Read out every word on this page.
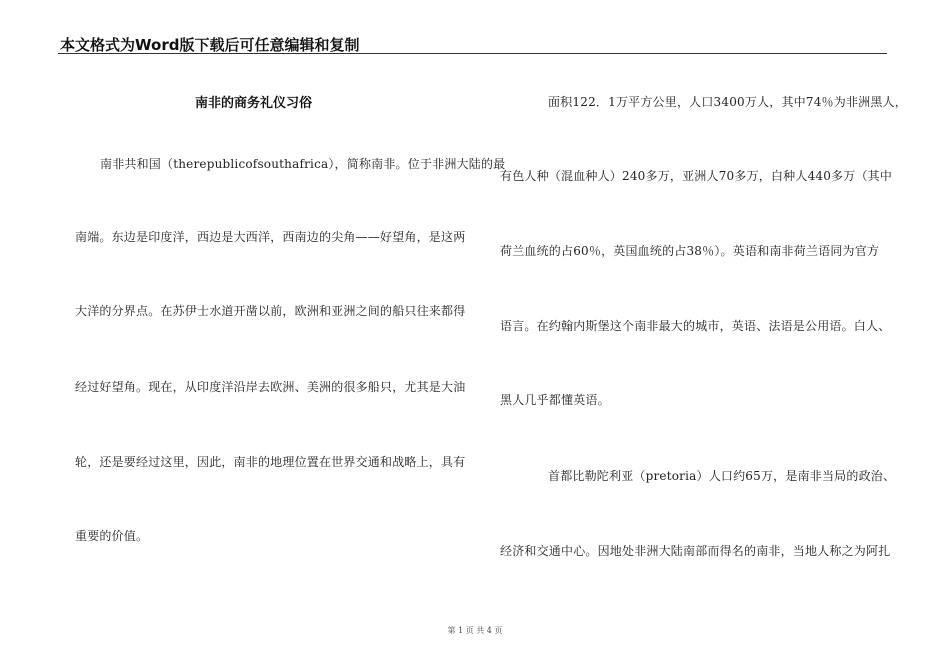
本文格式为Word版下载后可任意编辑和复制
南非的商务礼仪习俗
南非共和国（therepublicofsouthafrica），简称南非。位于非洲大陆的最
南端。东边是印度洋，西边是大西洋，西南边的尖角——好望角，是这两
大洋的分界点。在苏伊士水道开凿以前，欧洲和亚洲之间的船只往来都得
经过好望角。现在，从印度洋沿岸去欧洲、美洲的很多船只，尤其是大油
轮，还是要经过这里，因此，南非的地理位置在世界交通和战略上，具有
重要的价值。
面积122．1万平方公里，人口3400万人，其中74％为非洲黑人，
有色人种（混血种人）240多万，亚洲人70多万，白种人440多万（其中
荷兰血统的占60％，英国血统的占38％）。英语和南非荷兰语同为官方
语言。在约翰内斯堡这个南非最大的城市，英语、法语是公用语。白人、
黑人几乎都懂英语。
首都比勒陀利亚（pretoria）人口约65万，是南非当局的政治、
经济和交通中心。因地处非洲大陆南部而得名的南非，当地人称之为阿扎
第 1 页 共 4 页
